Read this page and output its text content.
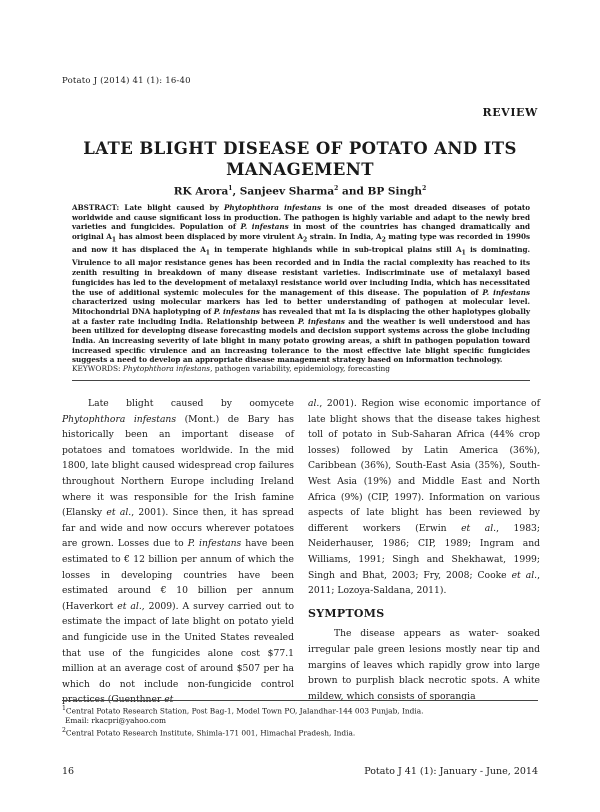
Potato J (2014) 41 (1): 16-40
REVIEW
LATE BLIGHT DISEASE OF POTATO AND ITS
MANAGEMENT
RK Arora$^1$, Sanjeev Sharma$^2$ and BP Singh$^2$
ABSTRACT: Late blight caused by Phytophthora infestans is one of the most dreaded diseases of potato worldwide and cause significant loss in production. The pathogen is highly variable and adapt to the newly bred varieties and fungicides. Population of P. infestans in most of the countries has changed dramatically and original $A_1$ has almost been displaced by more virulent $A_2$ strain. In India, $A_2$ mating type was recorded in 1990s and now it has displaced the $A_1$ in temperate highlands while in sub-tropical plains still $A_1$ is dominating. Virulence to all major resistance genes has been recorded and in India the racial complexity has reached to its zenith resulting in breakdown of many disease resistant varieties. Indiscriminate use of metalaxyl based fungicides has led to the development of metalaxyl resistance world over including India, which has necessitated the use of additional systemic molecules for the management of this disease. The population of P. infestans characterized using molecular markers has led to better understanding of pathogen at molecular level. Mitochondrial DNA haplotyping of P. infestans has revealed that mt Ia is displacing the other haplotypes globally at a faster rate including India. Relationship between P. infestans and the weather is well understood and has been utilized for developing disease forecasting models and decision support systems across the globe including India. An increasing severity of late blight in many potato growing areas, a shift in pathogen population toward increased specific virulence and an increasing tolerance to the most effective late blight specific fungicides suggests a need to develop an appropriate disease management strategy based on information technology.
KEYWORDS: Phytophthora infestans, pathogen variability, epidemiology, forecasting
Late blight caused by oomycete Phytophthora infestans (Mont.) de Bary has historically been an important disease of potatoes and tomatoes worldwide. In the mid 1800, late blight caused widespread crop failures throughout Northern Europe including Ireland where it was responsible for the Irish famine (Elansky et al., 2001). Since then, it has spread far and wide and now occurs wherever potatoes are grown. Losses due to P. infestans have been estimated to € 12 billion per annum of which the losses in developing countries have been estimated around € 10 billion per annum (Haverkort et al., 2009). A survey carried out to estimate the impact of late blight on potato yield and fungicide use in the United States revealed that use of the fungicides alone cost $77.1 million at an average cost of around $507 per ha which do not include non-fungicide control practices (Guenthner et
al., 2001). Region wise economic importance of late blight shows that the disease takes highest toll of potato in Sub-Saharan Africa (44% crop losses) followed by Latin America (36%), Caribbean (36%), South-East Asia (35%), South-West Asia (19%) and Middle East and North Africa (9%) (CIP, 1997). Information on various aspects of late blight has been reviewed by different workers (Erwin et al., 1983; Neiderhauser, 1986; CIP, 1989; Ingram and Williams, 1991; Singh and Shekhawat, 1999; Singh and Bhat, 2003; Fry, 2008; Cooke et al., 2011; Lozoya-Saldana, 2011).
SYMPTOMS
The disease appears as water- soaked irregular pale green lesions mostly near tip and margins of leaves which rapidly grow into large brown to purplish black necrotic spots. A white mildew, which consists of sporangia
$^1$Central Potato Research Station, Post Bag-1, Model Town PO, Jalandhar-144 003 Punjab, India.
Email: rkacpri@yahoo.com
$^2$Central Potato Research Institute, Shimla-171 001, Himachal Pradesh, India.
16	Potato J 41 (1): January - June, 2014
